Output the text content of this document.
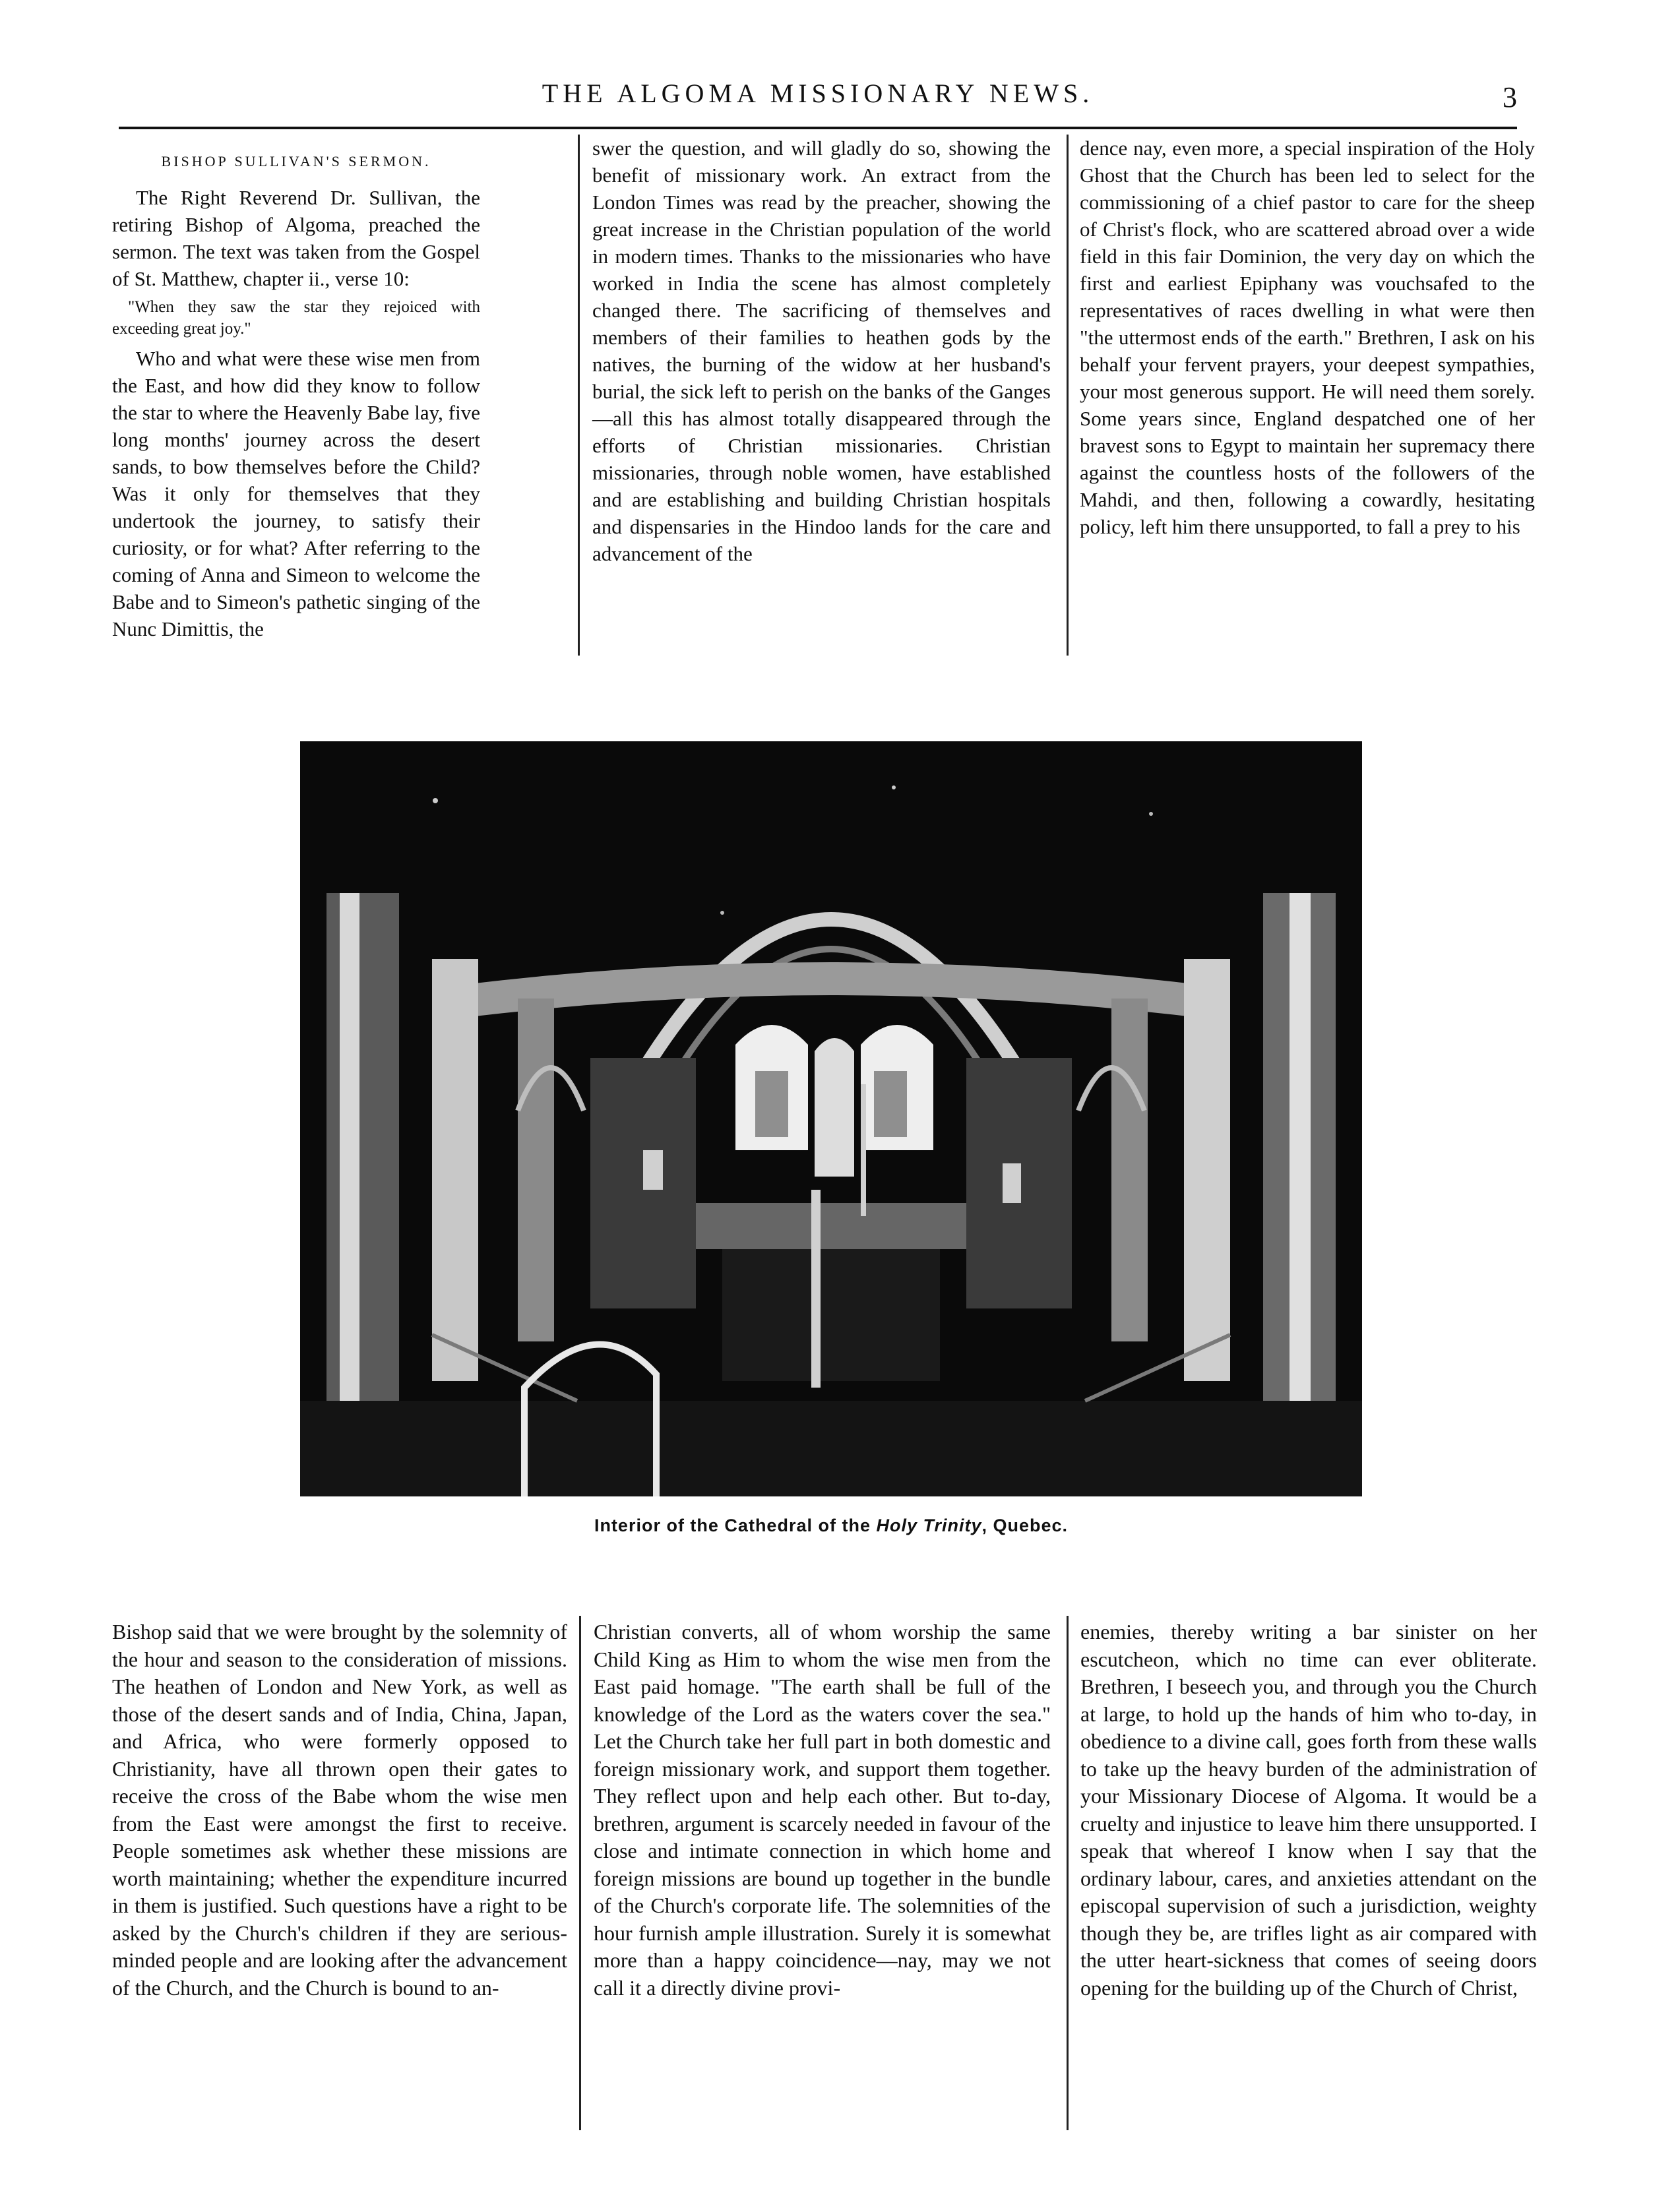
THE ALGOMA MISSIONARY NEWS.	3

BISHOP SULLIVAN'S SERMON.

The Right Reverend Dr. Sullivan, the retiring Bishop of Algoma, preached the sermon. The text was taken from the Gospel of St. Matthew, chapter ii., verse 10:

"When they saw the star they rejoiced with exceeding great joy."

Who and what were these wise men from the East, and how did they know to follow the star to where the Heavenly Babe lay, five long months' journey across the desert sands, to bow themselves before the Child? Was it only for themselves that they undertook the journey, to satisfy their curiosity, or for what? After referring to the coming of Anna and Simeon to welcome the Babe and to Simeon's pathetic singing of the Nunc Dimittis, the

swer the question, and will gladly do so, showing the benefit of missionary work. An extract from the London Times was read by the preacher, showing the great increase in the Christian population of the world in modern times. Thanks to the missionaries who have worked in India the scene has almost completely changed there. The sacrificing of themselves and members of their families to heathen gods by the natives, the burning of the widow at her husband's burial, the sick left to perish on the banks of the Ganges—all this has almost totally disappeared through the efforts of Christian missionaries. Christian missionaries, through noble women, have established and are establishing and building Christian hospitals and dispensaries in the Hindoo lands for the care and advancement of the

dence nay, even more, a special inspiration of the Holy Ghost that the Church has been led to select for the commissioning of a chief pastor to care for the sheep of Christ's flock, who are scattered abroad over a wide field in this fair Dominion, the very day on which the first and earliest Epiphany was vouchsafed to the representatives of races dwelling in what were then "the uttermost ends of the earth." Brethren, I ask on his behalf your fervent prayers, your deepest sympathies, your most generous support. He will need them sorely. Some years since, England despatched one of her bravest sons to Egypt to maintain her supremacy there against the countless hosts of the followers of the Mahdi, and then, following a cowardly, hesitating policy, left him there unsupported, to fall a prey to his

Interior of the Cathedral of the Holy Trinity, Quebec.

Bishop said that we were brought by the solemnity of the hour and season to the consideration of missions. The heathen of London and New York, as well as those of the desert sands and of India, China, Japan, and Africa, who were formerly opposed to Christianity, have all thrown open their gates to receive the cross of the Babe whom the wise men from the East were amongst the first to receive. People sometimes ask whether these missions are worth maintaining; whether the expenditure incurred in them is justified. Such questions have a right to be asked by the Church's children if they are serious-minded people and are looking after the advancement of the Church, and the Church is bound to an-

Christian converts, all of whom worship the same Child King as Him to whom the wise men from the East paid homage. "The earth shall be full of the knowledge of the Lord as the waters cover the sea." Let the Church take her full part in both domestic and foreign missionary work, and support them together. They reflect upon and help each other. But to-day, brethren, argument is scarcely needed in favour of the close and intimate connection in which home and foreign missions are bound up together in the bundle of the Church's corporate life. The solemnities of the hour furnish ample illustration. Surely it is somewhat more than a happy coincidence—nay, may we not call it a directly divine provi-

enemies, thereby writing a bar sinister on her escutcheon, which no time can ever obliterate. Brethren, I beseech you, and through you the Church at large, to hold up the hands of him who to-day, in obedience to a divine call, goes forth from these walls to take up the heavy burden of the administration of your Missionary Diocese of Algoma. It would be a cruelty and injustice to leave him there unsupported. I speak that whereof I know when I say that the ordinary labour, cares, and anxieties attendant on the episcopal supervision of such a jurisdiction, weighty though they be, are trifles light as air compared with the utter heart-sickness that comes of seeing doors opening for the building up of the Church of Christ,
